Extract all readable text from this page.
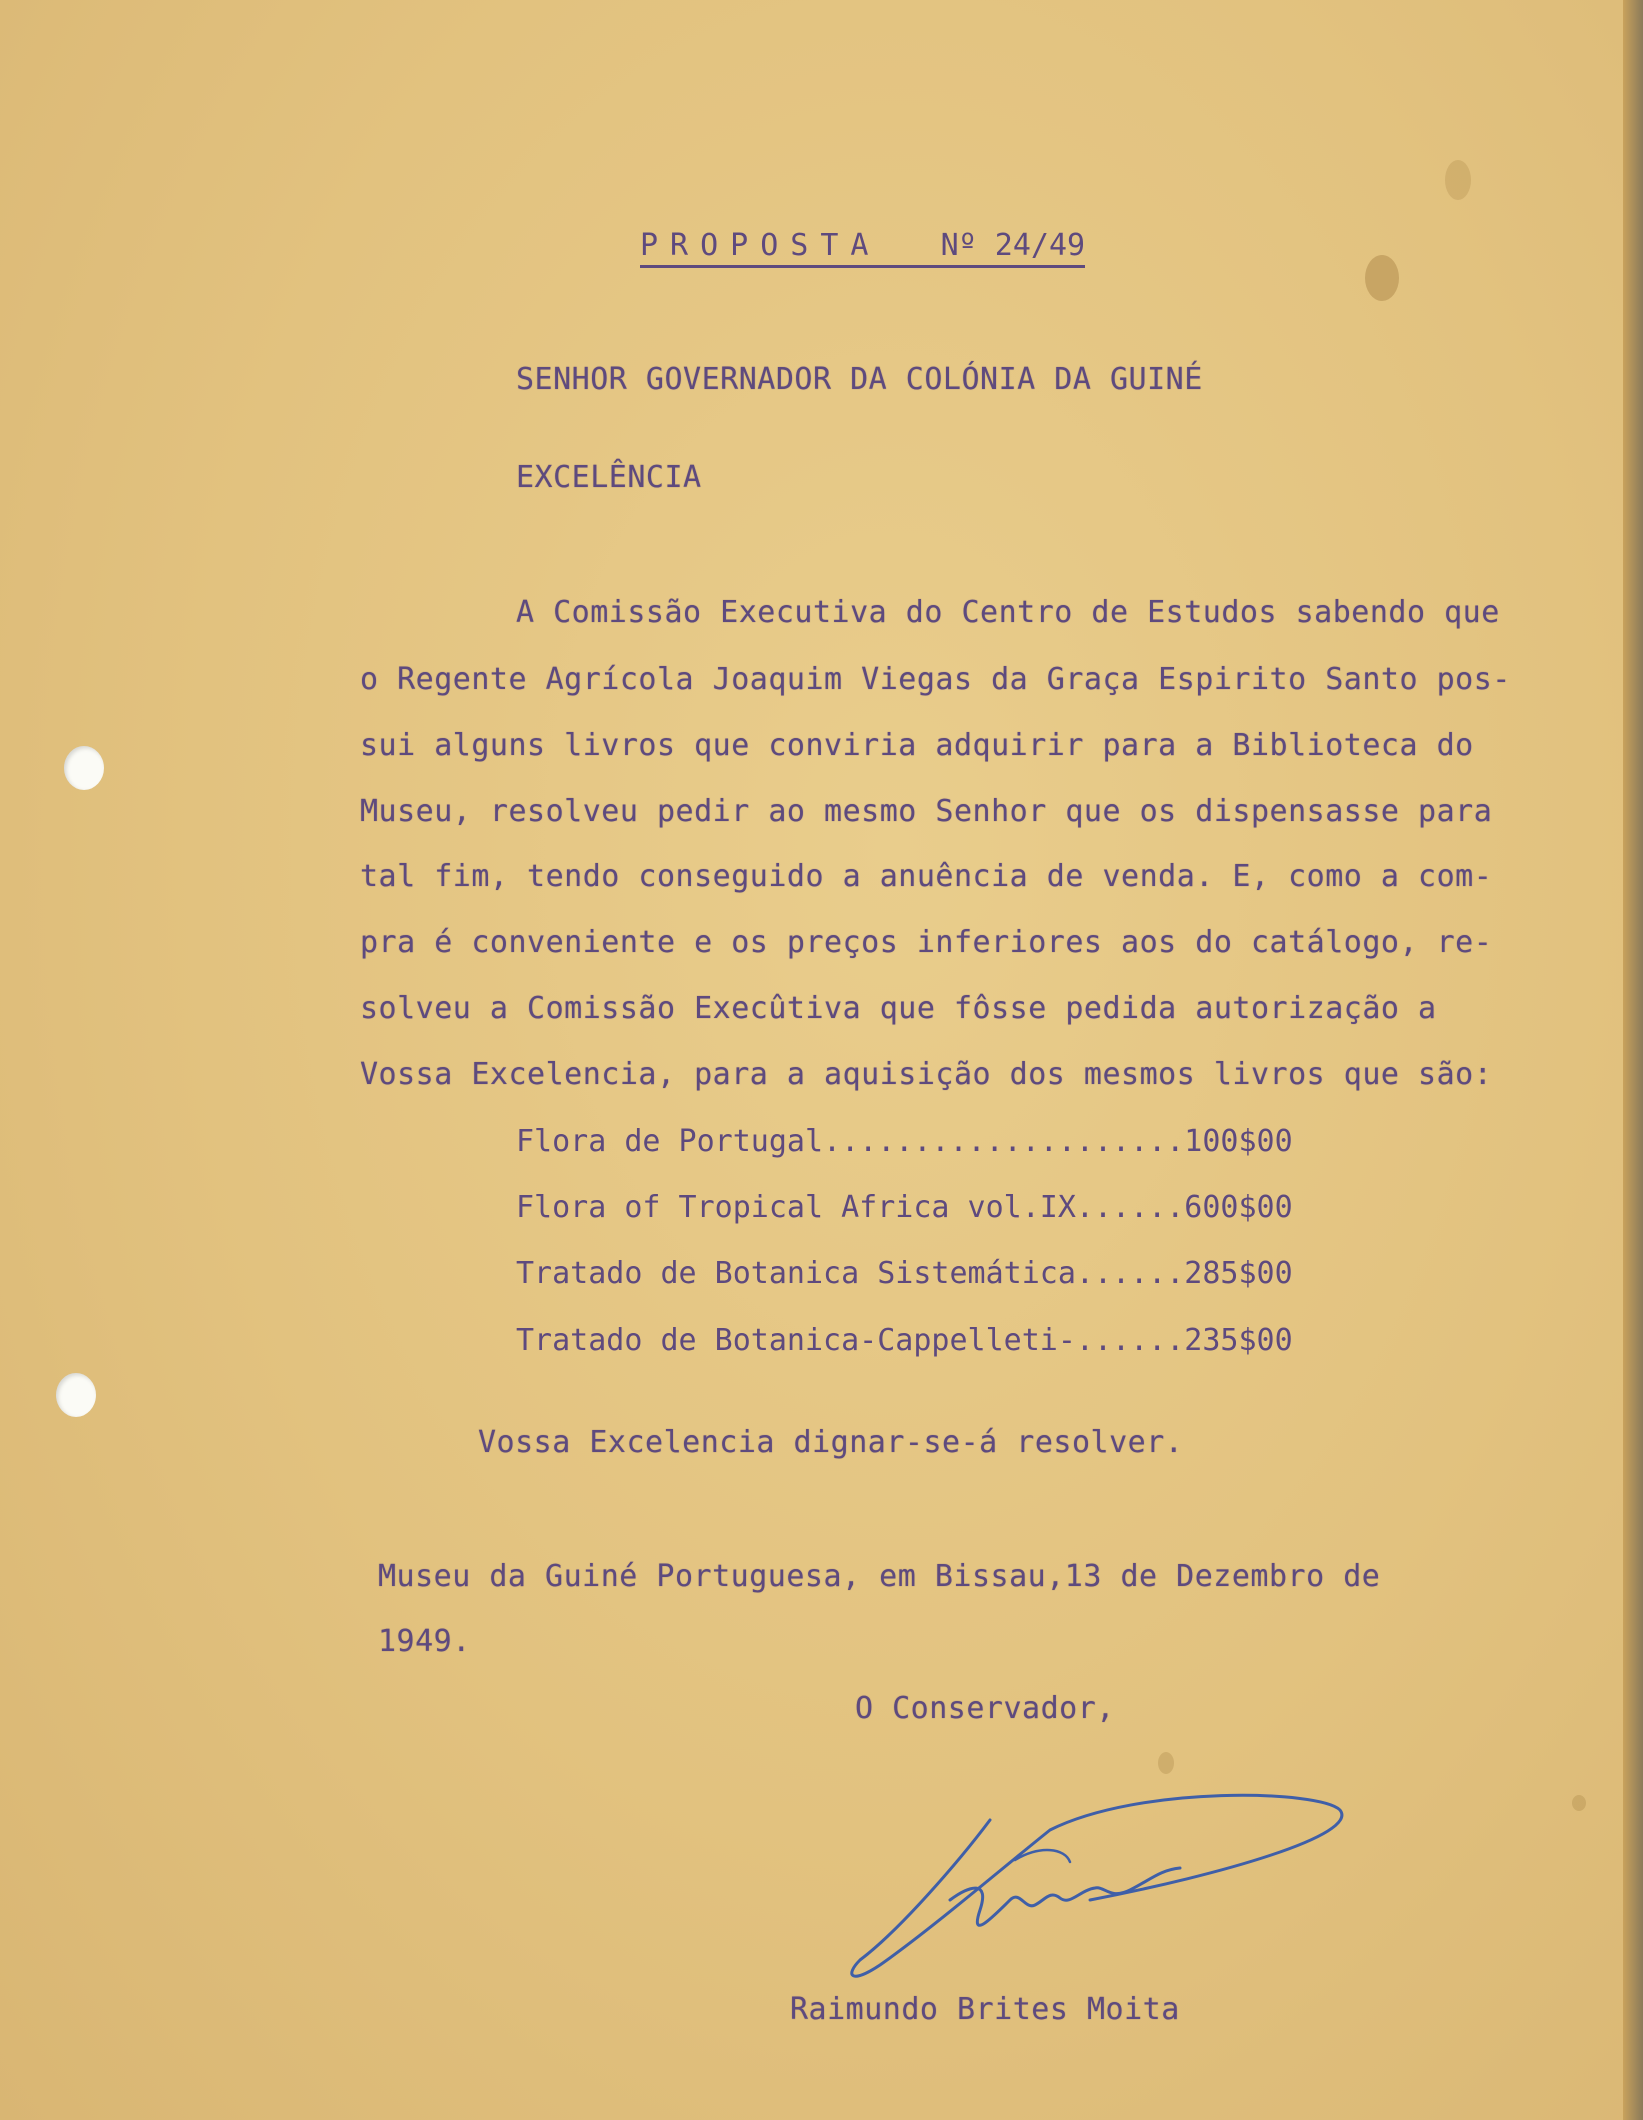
PROPOSTA Nº 24/49
SENHOR GOVERNADOR DA COLÓNIA DA GUINÉ
EXCELÊNCIA
A Comissão Executiva do Centro de Estudos sabendo que
o Regente Agrícola Joaquim Viegas da Graça Espirito Santo pos-
sui alguns livros que conviria adquirir para a Biblioteca do
Museu, resolveu pedir ao mesmo Senhor que os dispensasse para
tal fim, tendo conseguido a anuência de venda. E, como a com-
pra é conveniente e os preços inferiores aos do catálogo, re-
solveu a Comissão Execûtiva que fôsse pedida autorização a
Vossa Excelencia, para a aquisição dos mesmos livros que são:
Flora de Portugal....................100$00
Flora of Tropical Africa vol.IX......600$00
Tratado de Botanica Sistemática......285$00
Tratado de Botanica-Cappelleti-......235$00
Vossa Excelencia dignar-se-á resolver.
Museu da Guiné Portuguesa, em Bissau,13 de Dezembro de
1949.
O Conservador,
Raimundo Brites Moita
